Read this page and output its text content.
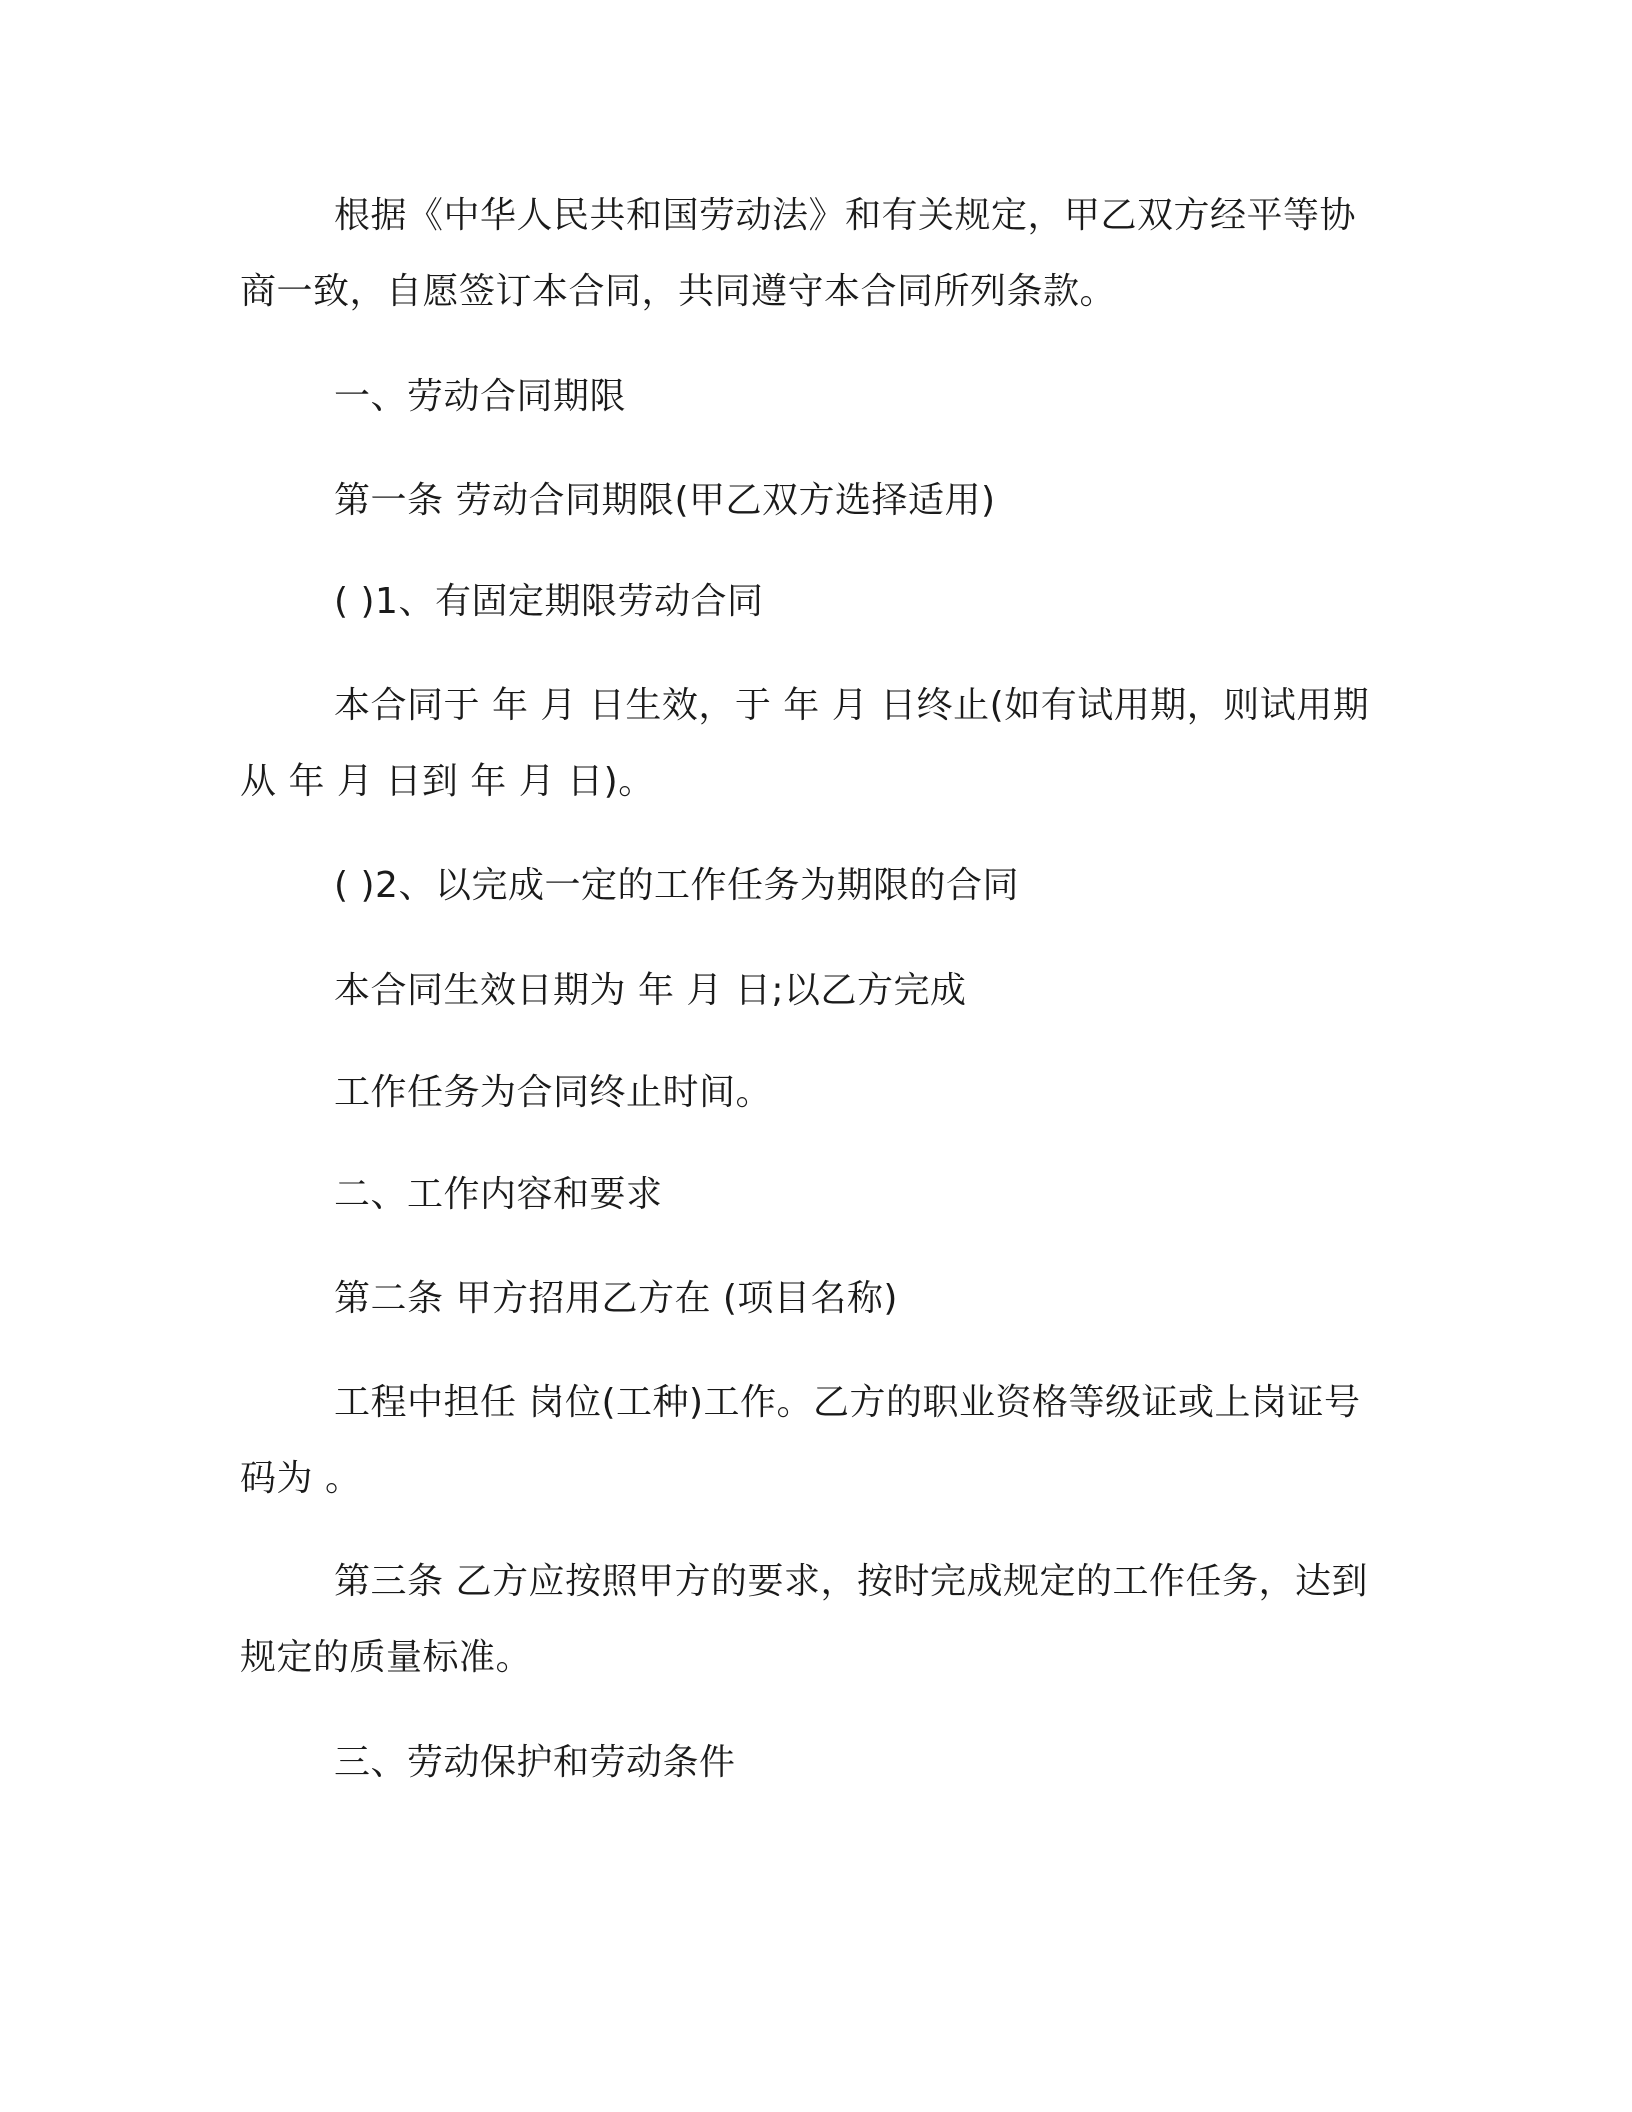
根据《中华人民共和国劳动法》和有关规定，甲乙双方经平等协
商一致，自愿签订本合同，共同遵守本合同所列条款。
一、劳动合同期限
第一条 劳动合同期限(甲乙双方选择适用)
( )1、有固定期限劳动合同
本合同于 年 月 日生效，于 年 月 日终止(如有试用期，则试用期
从 年 月 日到 年 月 日)。
( )2、以完成一定的工作任务为期限的合同
本合同生效日期为 年 月 日;以乙方完成
工作任务为合同终止时间。
二、工作内容和要求
第二条 甲方招用乙方在 (项目名称)
工程中担任 岗位(工种)工作。乙方的职业资格等级证或上岗证号
码为 。
第三条 乙方应按照甲方的要求，按时完成规定的工作任务，达到
规定的质量标准。
三、劳动保护和劳动条件
